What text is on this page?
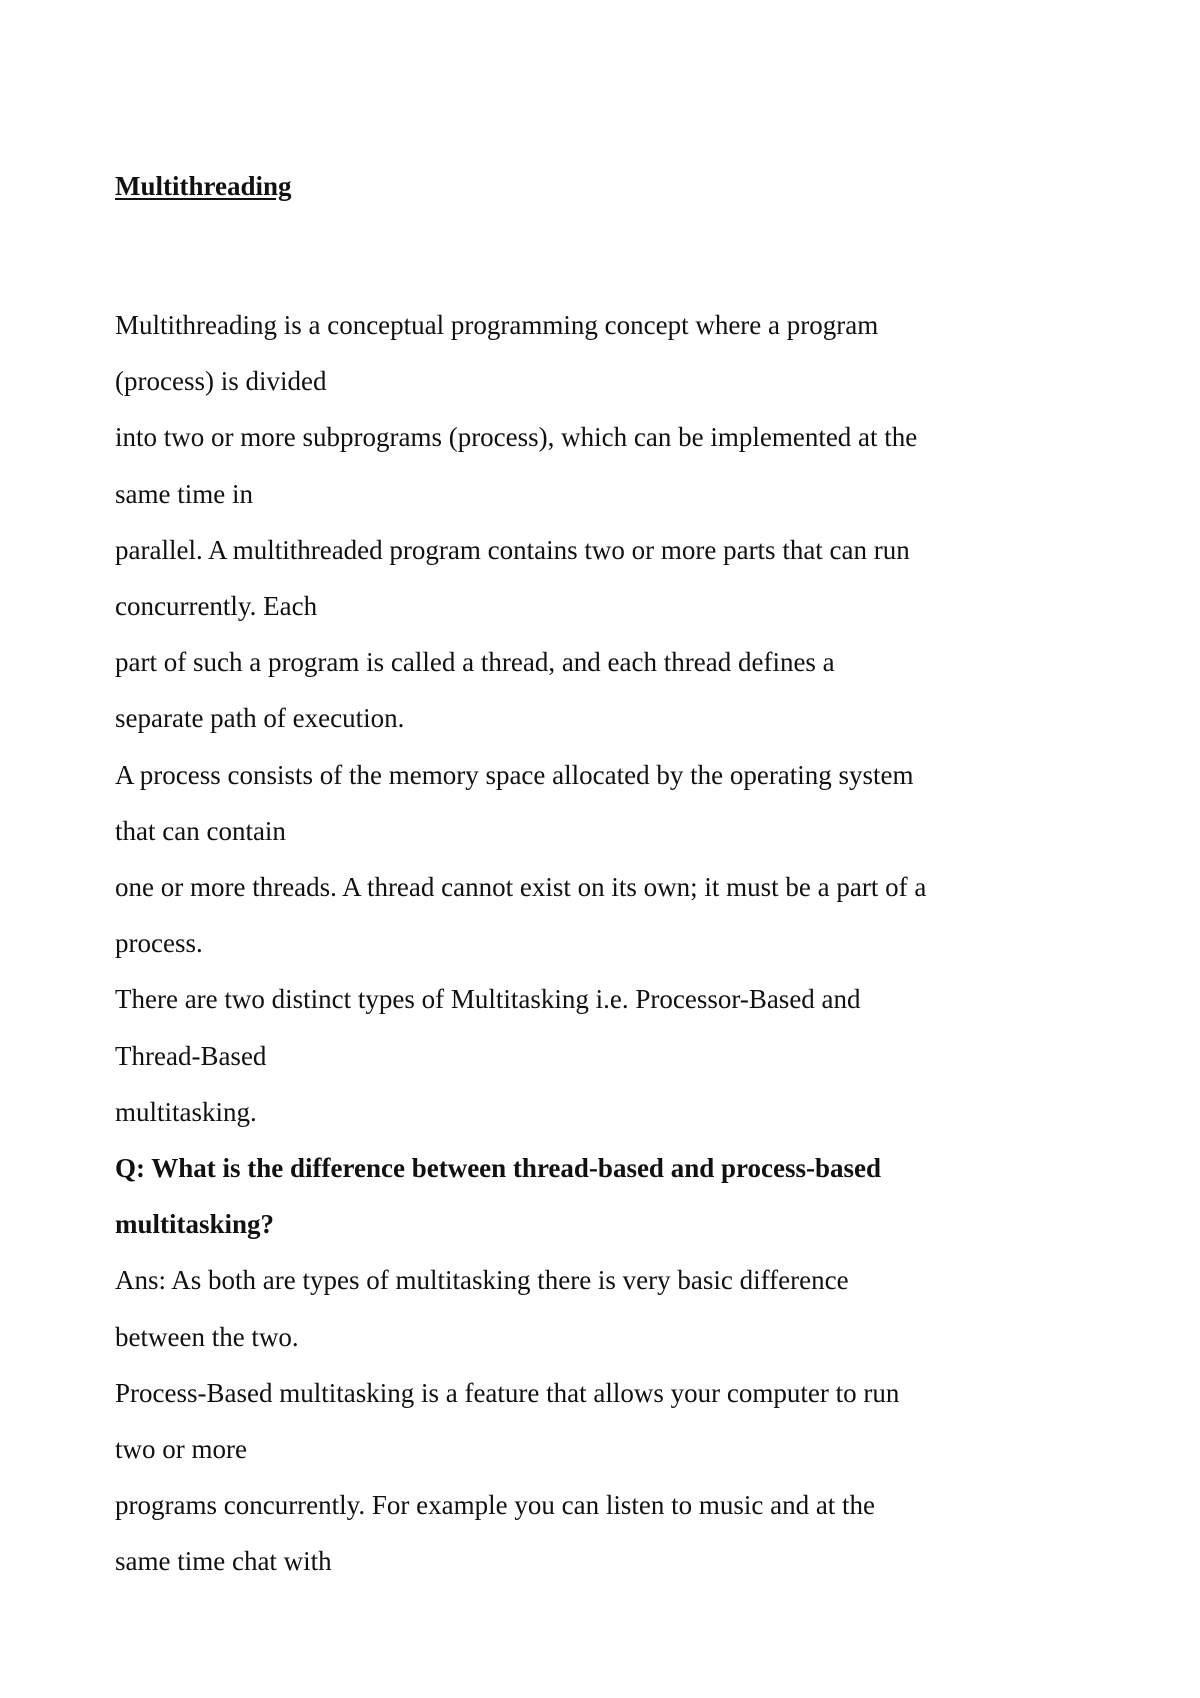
Multithreading

Multithreading is a conceptual programming concept where a program

(process) is divided

into two or more subprograms (process), which can be implemented at the

same time in

parallel. A multithreaded program contains two or more parts that can run

concurrently. Each

part of such a program is called a thread, and each thread defines a

separate path of execution.

A process consists of the memory space allocated by the operating system

that can contain

one or more threads. A thread cannot exist on its own; it must be a part of a

process.

There are two distinct types of Multitasking i.e. Processor-Based and

Thread-Based

multitasking.

Q: What is the difference between thread-based and process-based

multitasking?

Ans: As both are types of multitasking there is very basic difference

between the two.

Process-Based multitasking is a feature that allows your computer to run

two or more

programs concurrently. For example you can listen to music and at the

same time chat with
